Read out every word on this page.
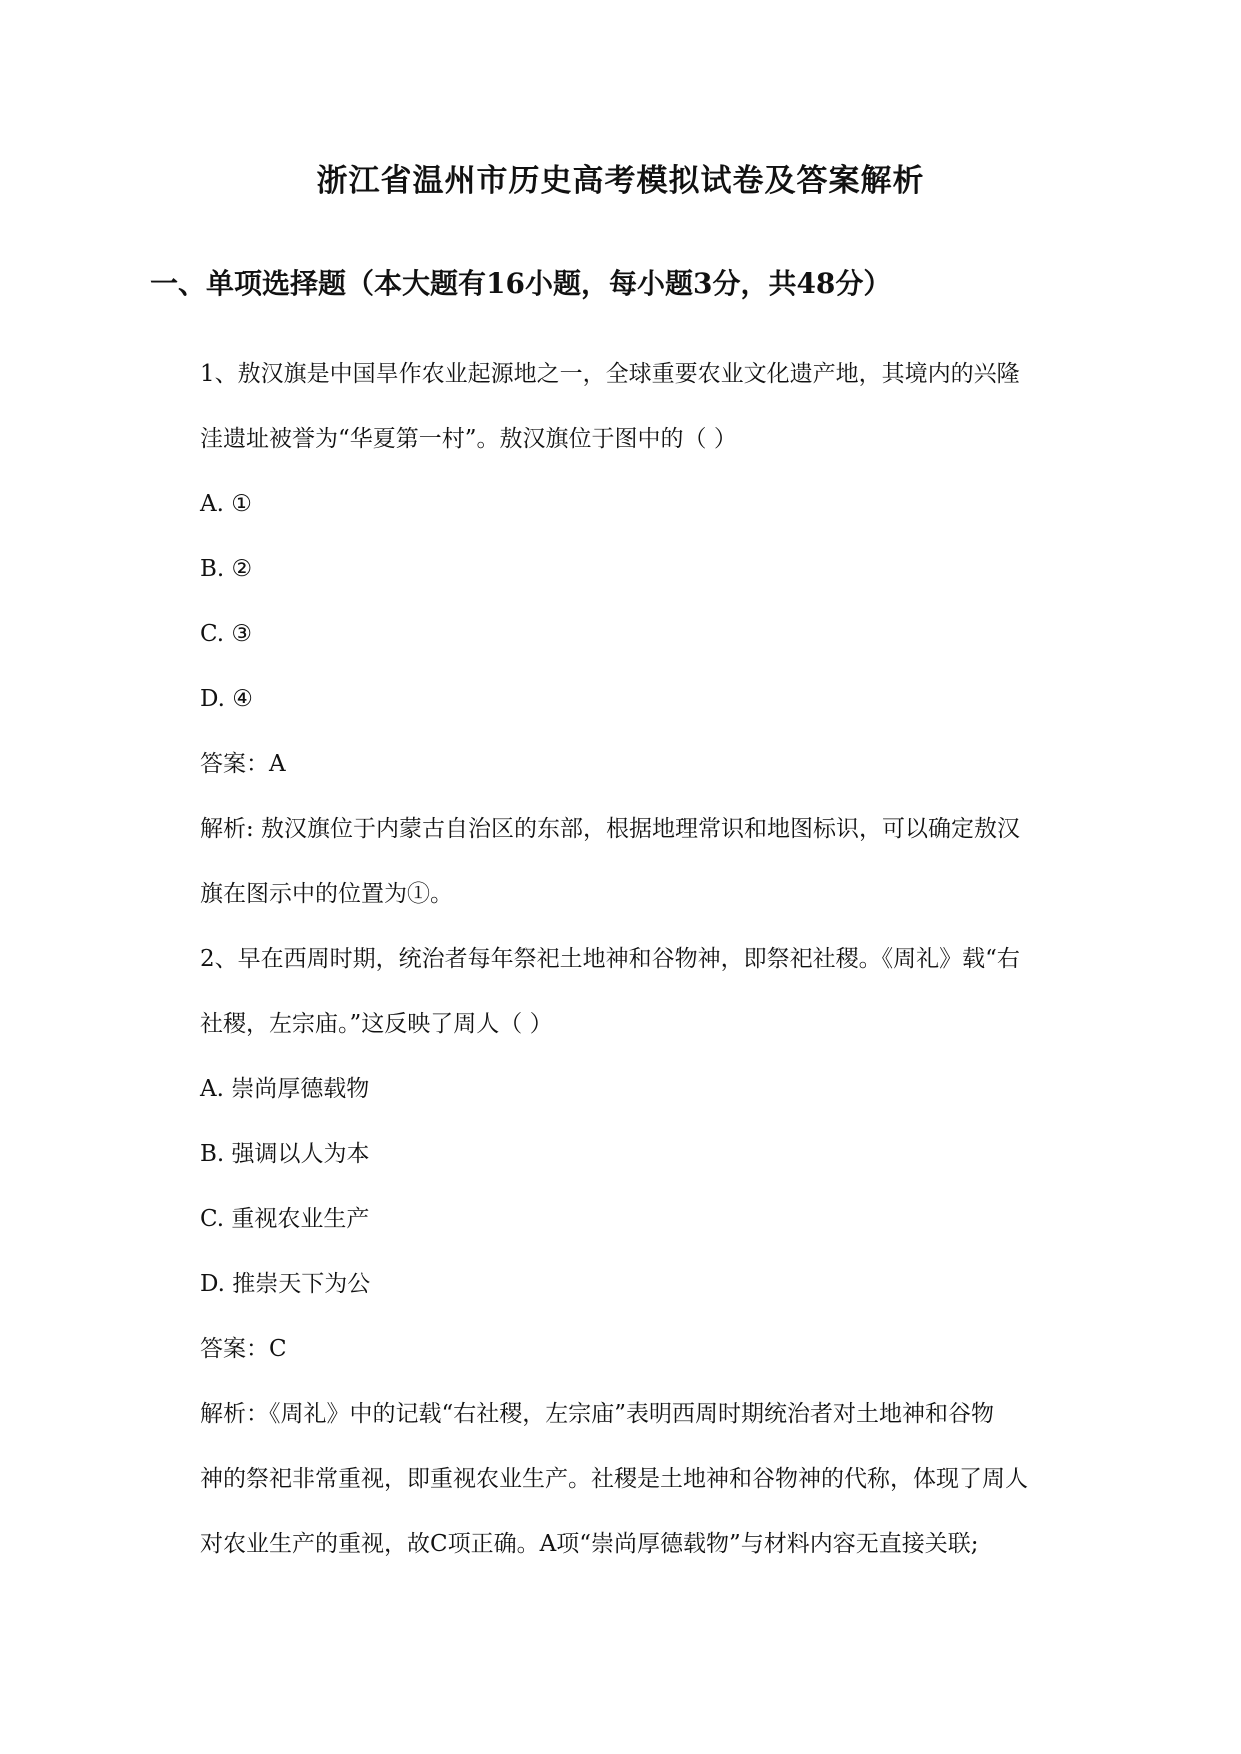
浙江省温州市历史高考模拟试卷及答案解析
一、单项选择题（本大题有16小题，每小题3分，共48分）

1、敖汉旗是中国旱作农业起源地之一，全球重要农业文化遗产地，其境内的兴隆

洼遗址被誉为“华夏第一村”。敖汉旗位于图中的（ ）

A. ①

B. ②

C. ③

D. ④

答案：A

解析: 敖汉旗位于内蒙古自治区的东部，根据地理常识和地图标识，可以确定敖汉

旗在图示中的位置为①。

2、早在西周时期，统治者每年祭祀土地神和谷物神，即祭祀社稷。《周礼》载“右

社稷，左宗庙。”这反映了周人（ ）

A. 崇尚厚德载物

B. 强调以人为本

C. 重视农业生产

D. 推崇天下为公

答案：C

解析：《周礼》中的记载“右社稷，左宗庙”表明西周时期统治者对土地神和谷物

神的祭祀非常重视，即重视农业生产。社稷是土地神和谷物神的代称，体现了周人

对农业生产的重视，故C项正确。A项“崇尚厚德载物”与材料内容无直接关联;
